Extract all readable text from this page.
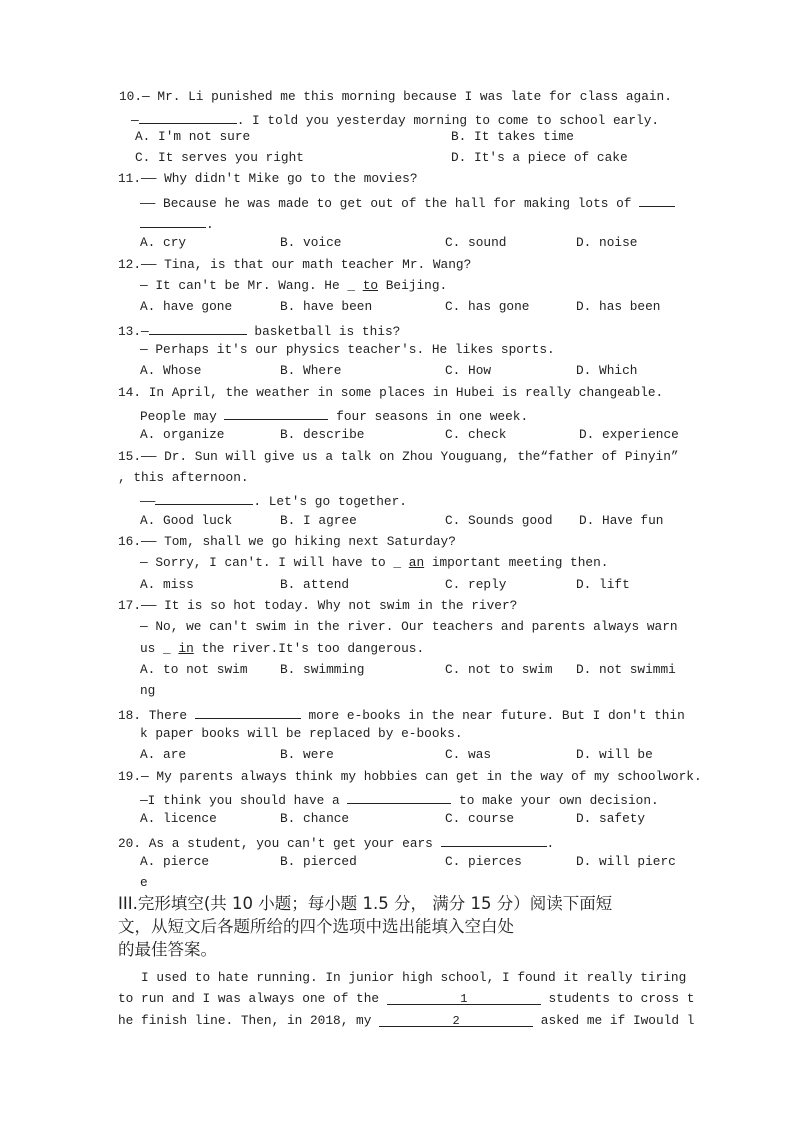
10.— Mr. Li punished me this morning because I was late for class again.
—	. I told you yesterday morning to come to school early.
A. I'm not sure	B. It takes time
C. It serves you right	D. It's a piece of cake
11.—— Why didn't Mike go to the movies?
—— Because he was made to get out of the hall for making lots of
.
A. cry	B. voice	C. sound	D. noise
12.—— Tina, is that our math teacher Mr. Wang?
— It can't be Mr. Wang. He _ to Beijing.
A. have gone	B. have been	C. has gone	D. has been
13.—	basketball is this?
— Perhaps it's our physics teacher's. He likes sports.
A. Whose	B. Where	C. How	D. Which
14. In April, the weather in some places in Hubei is really changeable.
People may	four seasons in one week.
A. organize	B. describe	C. check	D. experience
15.—— Dr. Sun will give us a talk on Zhou Youguang, the“father of Pinyin”
, this afternoon.
——	. Let's go together.
A. Good luck	B. I agree	C. Sounds good D. Have fun
16.—— Tom, shall we go hiking next Saturday?
— Sorry, I can't. I will have to _ an important meeting then.
A. miss	B. attend	C. reply	D. lift
17.—— It is so hot today. Why not swim in the river?
— No, we can't swim in the river. Our teachers and parents always warn
us _ in the river.It's too dangerous.
A. to not swim	B. swimming	C. not to swim D. not swimmi
ng
18. There	more e-books in the near future. But I don't thin
k paper books will be replaced by e-books.
A. are	B. were	C. was	D. will be
19.— My parents always think my hobbies can get in the way of my schoolwork.
—I think you should have a	to make your own decision.
A. licence	B. chance	C. course	D. safety
20. As a student, you can't get your ears	.
A. pierce	B. pierced	C. pierces	D. will pierc
e
III.完形填空(共 10 小题；每小题 1.5 分， 满分 15 分）阅读下面短
文，从短文后各题所给的四个选项中选出能填入空白处
的最佳答案。
I used to hate running. In junior high school, I found it really tiring
to run and I was always one of the	1	students to cross t
he finish line. Then, in 2018, my	2	asked me if Iwould l
